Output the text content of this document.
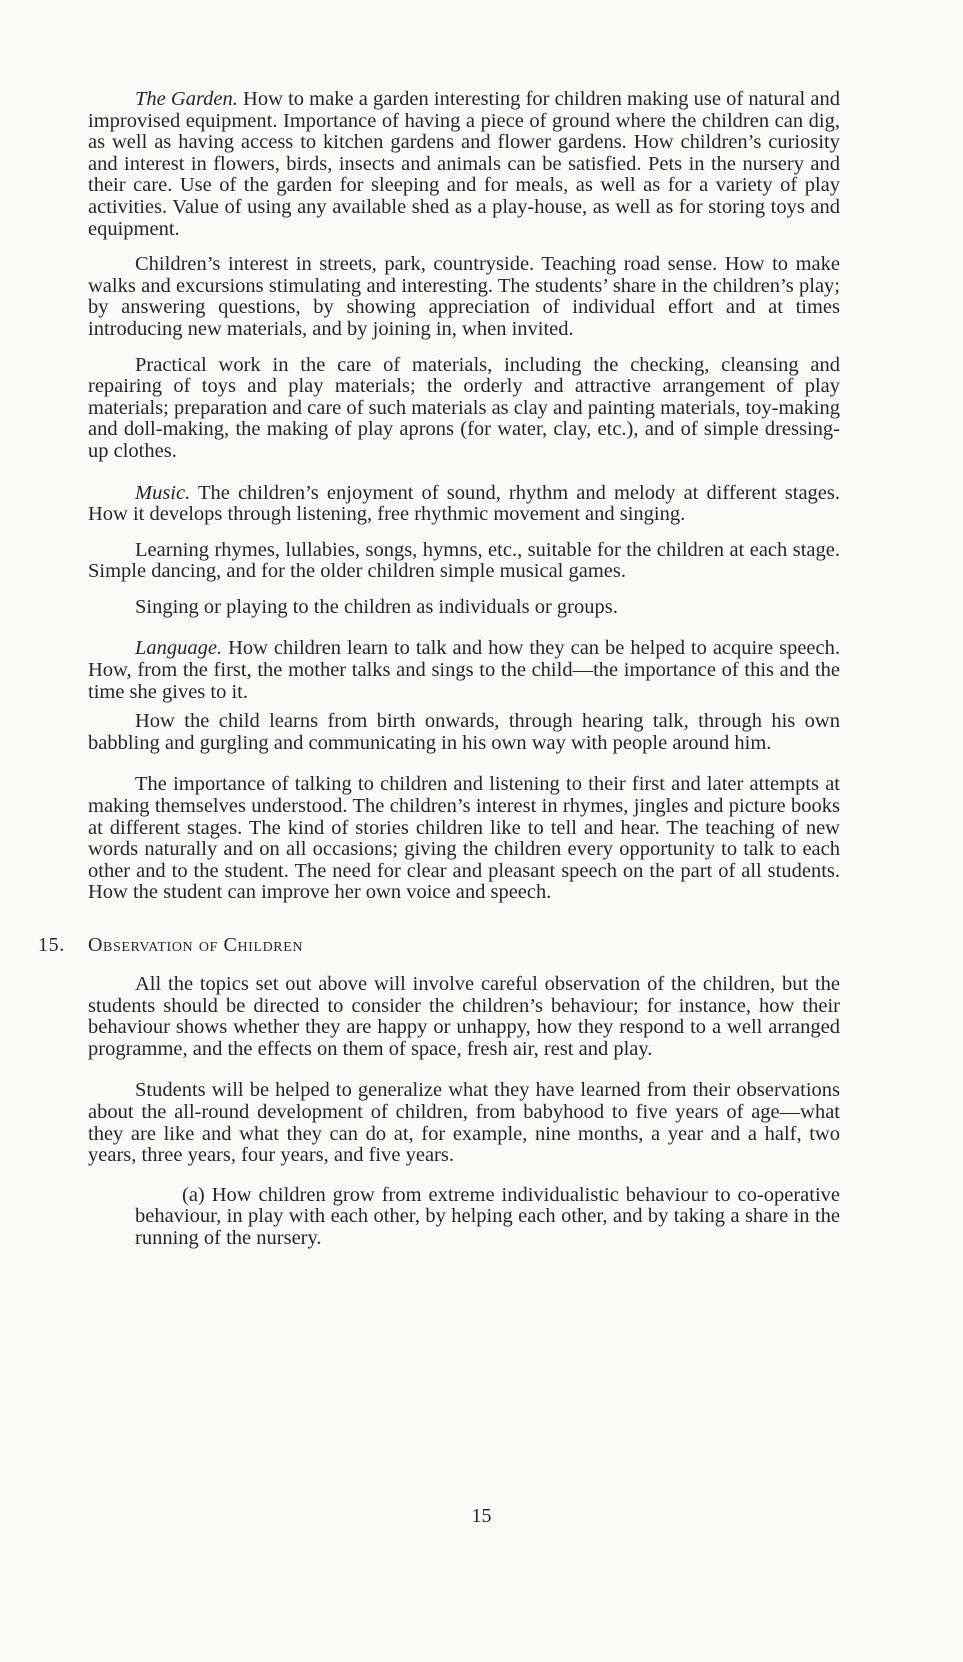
The Garden. How to make a garden interesting for children making use of natural and improvised equipment. Importance of having a piece of ground where the children can dig, as well as having access to kitchen gardens and flower gardens. How children’s curiosity and interest in flowers, birds, insects and animals can be satisfied. Pets in the nursery and their care. Use of the garden for sleeping and for meals, as well as for a variety of play activities. Value of using any available shed as a play-house, as well as for storing toys and equipment.

Children’s interest in streets, park, countryside. Teaching road sense. How to make walks and excursions stimulating and interesting. The students’ share in the children’s play; by answering questions, by showing appreciation of individual effort and at times introducing new materials, and by joining in, when invited.

Practical work in the care of materials, including the checking, cleansing and repairing of toys and play materials; the orderly and attractive arrangement of play materials; preparation and care of such materials as clay and painting materials, toy-making and doll-making, the making of play aprons (for water, clay, etc.), and of simple dressing-up clothes.

Music. The children’s enjoyment of sound, rhythm and melody at different stages. How it develops through listening, free rhythmic movement and singing.

Learning rhymes, lullabies, songs, hymns, etc., suitable for the children at each stage. Simple dancing, and for the older children simple musical games.

Singing or playing to the children as individuals or groups.

Language. How children learn to talk and how they can be helped to acquire speech. How, from the first, the mother talks and sings to the child—the importance of this and the time she gives to it.

How the child learns from birth onwards, through hearing talk, through his own babbling and gurgling and communicating in his own way with people around him.

The importance of talking to children and listening to their first and later attempts at making themselves understood. The children’s interest in rhymes, jingles and picture books at different stages. The kind of stories children like to tell and hear. The teaching of new words naturally and on all occasions; giving the children every opportunity to talk to each other and to the student. The need for clear and pleasant speech on the part of all students. How the student can improve her own voice and speech.

15. Observation of Children

All the topics set out above will involve careful observation of the children, but the students should be directed to consider the children’s behaviour; for instance, how their behaviour shows whether they are happy or unhappy, how they respond to a well arranged programme, and the effects on them of space, fresh air, rest and play.

Students will be helped to generalize what they have learned from their observations about the all-round development of children, from babyhood to five years of age—what they are like and what they can do at, for example, nine months, a year and a half, two years, three years, four years, and five years.

(a) How children grow from extreme individualistic behaviour to co-operative behaviour, in play with each other, by helping each other, and by taking a share in the running of the nursery.

15
